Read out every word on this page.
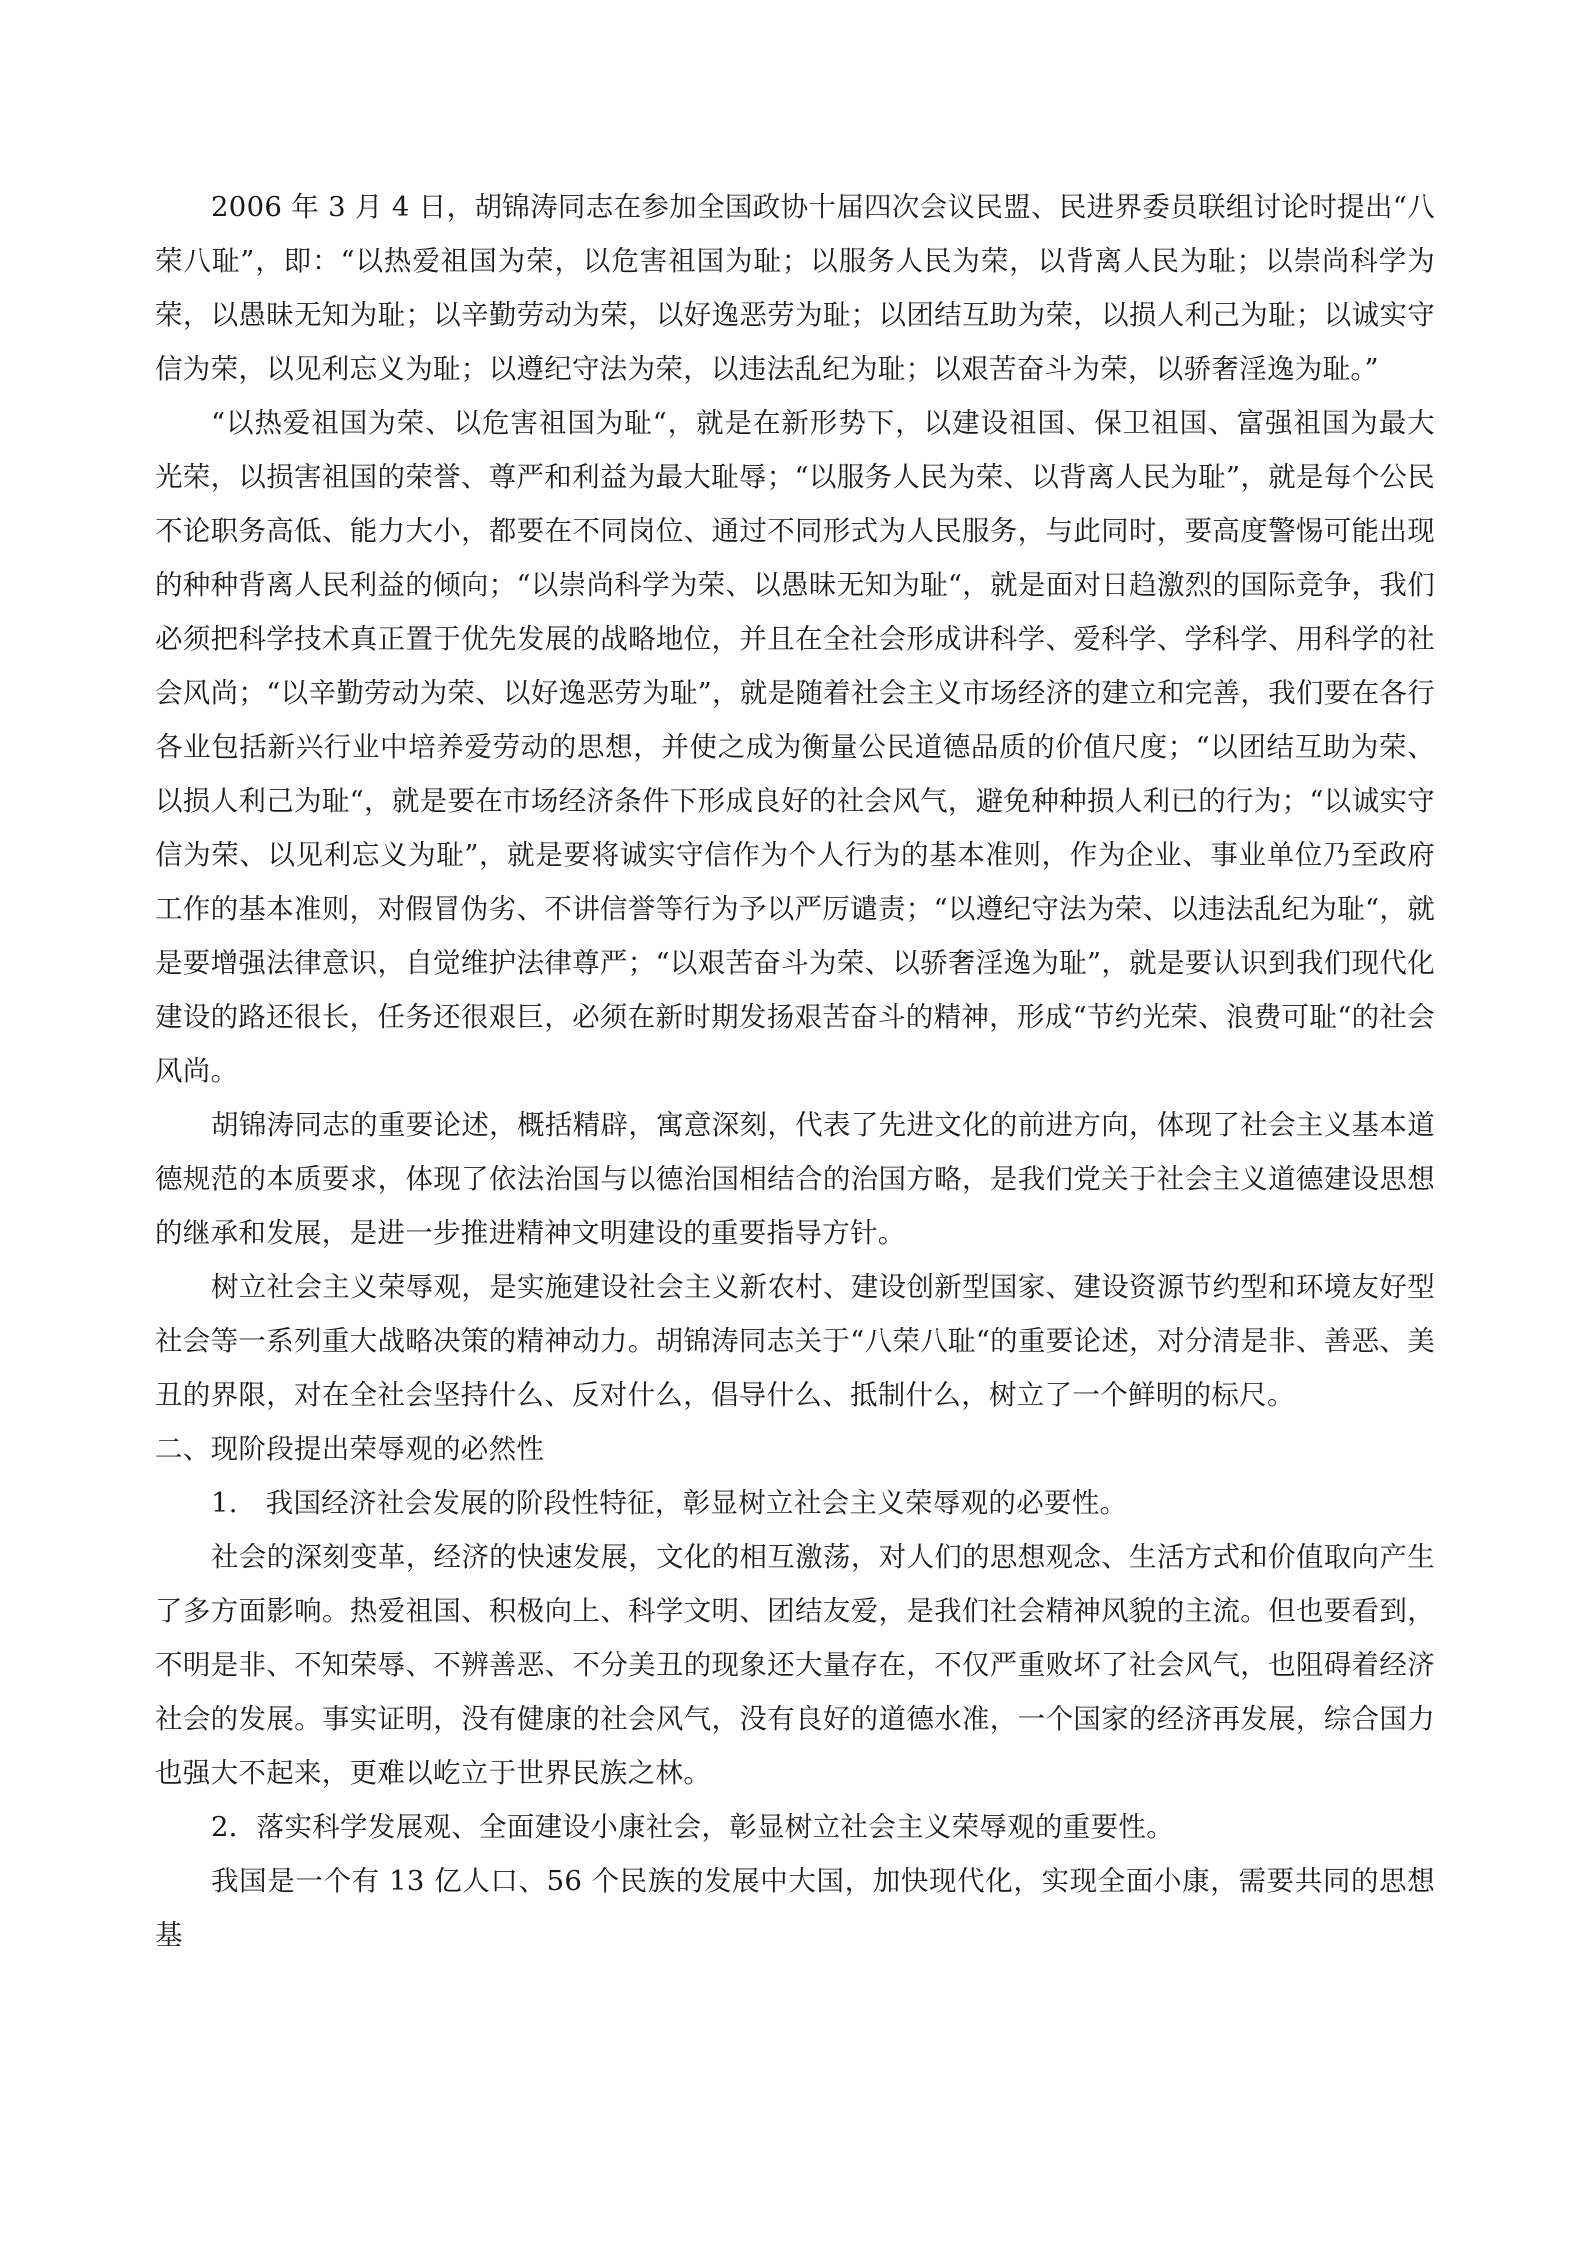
2006 年 3 月 4 日，胡锦涛同志在参加全国政协十届四次会议民盟、民进界委员联组讨论时提出“八荣八耻”，即：“以热爱祖国为荣，以危害祖国为耻；以服务人民为荣，以背离人民为耻；以崇尚科学为荣，以愚昧无知为耻；以辛勤劳动为荣，以好逸恶劳为耻；以团结互助为荣，以损人利己为耻；以诚实守信为荣，以见利忘义为耻；以遵纪守法为荣，以违法乱纪为耻；以艰苦奋斗为荣，以骄奢淫逸为耻。”

“以热爱祖国为荣、以危害祖国为耻“，就是在新形势下，以建设祖国、保卫祖国、富强祖国为最大光荣，以损害祖国的荣誉、尊严和利益为最大耻辱；“以服务人民为荣、以背离人民为耻”，就是每个公民不论职务高低、能力大小，都要在不同岗位、通过不同形式为人民服务，与此同时，要高度警惕可能出现的种种背离人民利益的倾向；“以崇尚科学为荣、以愚昧无知为耻“，就是面对日趋激烈的国际竞争，我们必须把科学技术真正置于优先发展的战略地位，并且在全社会形成讲科学、爱科学、学科学、用科学的社会风尚；“以辛勤劳动为荣、以好逸恶劳为耻”，就是随着社会主义市场经济的建立和完善，我们要在各行各业包括新兴行业中培养爱劳动的思想，并使之成为衡量公民道德品质的价值尺度；“以团结互助为荣、以损人利己为耻“，就是要在市场经济条件下形成良好的社会风气，避免种种损人利已的行为；“以诚实守信为荣、以见利忘义为耻”，就是要将诚实守信作为个人行为的基本准则，作为企业、事业单位乃至政府工作的基本准则，对假冒伪劣、不讲信誉等行为予以严厉谴责；“以遵纪守法为荣、以违法乱纪为耻“，就是要增强法律意识，自觉维护法律尊严；“以艰苦奋斗为荣、以骄奢淫逸为耻”，就是要认识到我们现代化建设的路还很长，任务还很艰巨，必须在新时期发扬艰苦奋斗的精神，形成“节约光荣、浪费可耻“的社会风尚。

胡锦涛同志的重要论述，概括精辟，寓意深刻，代表了先进文化的前进方向，体现了社会主义基本道德规范的本质要求，体现了依法治国与以德治国相结合的治国方略，是我们党关于社会主义道德建设思想的继承和发展，是进一步推进精神文明建设的重要指导方针。

树立社会主义荣辱观，是实施建设社会主义新农村、建设创新型国家、建设资源节约型和环境友好型社会等一系列重大战略决策的精神动力。胡锦涛同志关于“八荣八耻“的重要论述，对分清是非、善恶、美丑的界限，对在全社会坚持什么、反对什么，倡导什么、抵制什么，树立了一个鲜明的标尺。

二、现阶段提出荣辱观的必然性

1.　我国经济社会发展的阶段性特征，彰显树立社会主义荣辱观的必要性。

社会的深刻变革，经济的快速发展，文化的相互激荡，对人们的思想观念、生活方式和价值取向产生了多方面影响。热爱祖国、积极向上、科学文明、团结友爱，是我们社会精神风貌的主流。但也要看到，不明是非、不知荣辱、不辨善恶、不分美丑的现象还大量存在，不仅严重败坏了社会风气，也阻碍着经济社会的发展。事实证明，没有健康的社会风气，没有良好的道德水准，一个国家的经济再发展，综合国力也强大不起来，更难以屹立于世界民族之林。

2．落实科学发展观、全面建设小康社会，彰显树立社会主义荣辱观的重要性。

我国是一个有 13 亿人口、56 个民族的发展中大国，加快现代化，实现全面小康，需要共同的思想基
